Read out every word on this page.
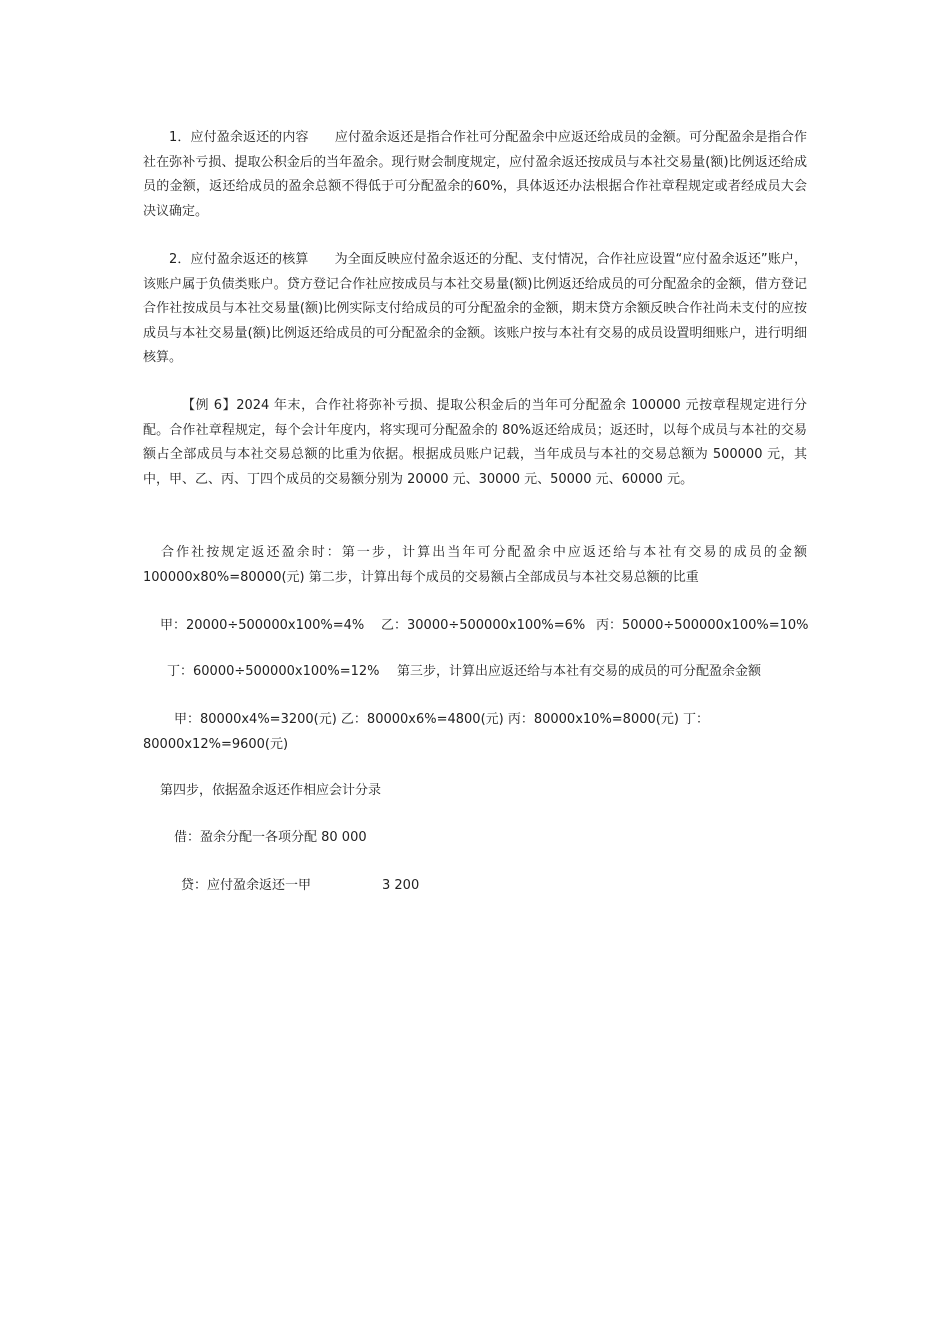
1．应付盈余返还的内容　　应付盈余返还是指合作社可分配盈余中应返还给成员的金额。可分配盈余是指合作社在弥补亏损、提取公积金后的当年盈余。现行财会制度规定，应付盈余返还按成员与本社交易量(额)比例返还给成员的金额，返还给成员的盈余总额不得低于可分配盈余的60%，具体返还办法根据合作社章程规定或者经成员大会决议确定。

2．应付盈余返还的核算　　为全面反映应付盈余返还的分配、支付情况，合作社应设置“应付盈余返还”账户，该账户属于负债类账户。贷方登记合作社应按成员与本社交易量(额)比例返还给成员的可分配盈余的金额，借方登记合作社按成员与本社交易量(额)比例实际支付给成员的可分配盈余的金额，期末贷方余额反映合作社尚未支付的应按成员与本社交易量(额)比例返还给成员的可分配盈余的金额。该账户按与本社有交易的成员设置明细账户，进行明细核算。

【例 6】2024 年末，合作社将弥补亏损、提取公积金后的当年可分配盈余 100000 元按章程规定进行分配。合作社章程规定，每个会计年度内，将实现可分配盈余的 80%返还给成员；返还时，以每个成员与本社的交易额占全部成员与本社交易总额的比重为依据。根据成员账户记载，当年成员与本社的交易总额为 500000 元，其中，甲、乙、丙、丁四个成员的交易额分别为 20000 元、30000 元、50000 元、60000 元。

合作社按规定返还盈余时：第一步，计算出当年可分配盈余中应返还给与本社有交易的成员的金额 100000x80%=80000(元) 第二步，计算出每个成员的交易额占全部成员与本社交易总额的比重

甲：20000÷500000x100%=4% 乙：30000÷500000x100%=6% 丙：50000÷500000x100%=10%

丁：60000÷500000x100%=12% 第三步，计算出应返还给与本社有交易的成员的可分配盈余金额

甲：80000x4%=3200(元) 乙：80000x6%=4800(元) 丙：80000x10%=8000(元) 丁：

80000x12%=9600(元)

第四步，依据盈余返还作相应会计分录

借：盈余分配一各项分配 80 000

贷：应付盈余返还一甲	3 200
